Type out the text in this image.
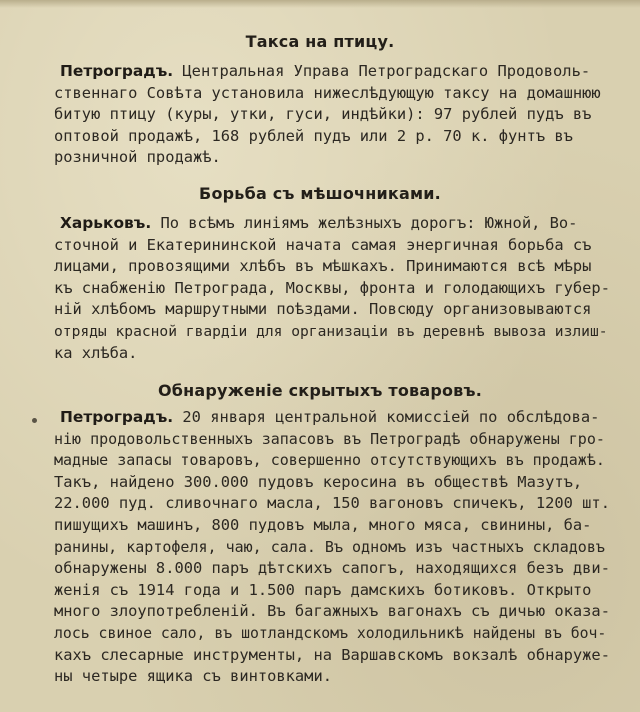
Такса на птицу.
Петроградъ. Центральная Управа Петроградскаго Продоволь-
ственнаго Совѣта установила нижеслѣдующую таксу на домашнюю
битую птицу (куры, утки, гуси, индѣйки): 97 рублей пудъ въ
оптовой продажѣ, 168 рублей пудъ или 2 р. 70 к. фунтъ въ
розничной продажѣ.
Борьба съ мѣшочниками.
Харьковъ. По всѣмъ линіямъ желѣзныхъ дорогъ: Южной, Во-
сточной и Екатерининской начата самая энергичная борьба съ
лицами, провозящими хлѣбъ въ мѣшкахъ. Принимаются всѣ мѣры
къ снабженію Петрограда, Москвы, фронта и голодающихъ губер-
ній хлѣбомъ маршрутными поѣздами. Повсюду организовываются
отряды красной гвардіи для организаціи въ деревнѣ вывоза излиш-
ка хлѣба.
Обнаруженіе скрытыхъ товаровъ.
Петроградъ. 20 января центральной комиссіей по обслѣдова-
нію продовольственныхъ запасовъ въ Петроградѣ обнаружены гро-
мадные запасы товаровъ, совершенно отсутствующихъ въ продажѣ.
Такъ, найдено 300.000 пудовъ керосина въ обществѣ Мазутъ,
22.000 пуд. сливочнаго масла, 150 вагоновъ спичекъ, 1200 шт.
пишущихъ машинъ, 800 пудовъ мыла, много мяса, свинины, ба-
ранины, картофеля, чаю, сала. Въ одномъ изъ частныхъ складовъ
обнаружены 8.000 паръ дѣтскихъ сапогъ, находящихся безъ дви-
женія съ 1914 года и 1.500 паръ дамскихъ ботиковъ. Открыто
много злоупотребленій. Въ багажныхъ вагонахъ съ дичью оказа-
лось свиное сало, въ шотландскомъ холодильникѣ найдены въ боч-
кахъ слесарные инструменты, на Варшавскомъ вокзалѣ обнаруже-
ны четыре ящика съ винтовками.
